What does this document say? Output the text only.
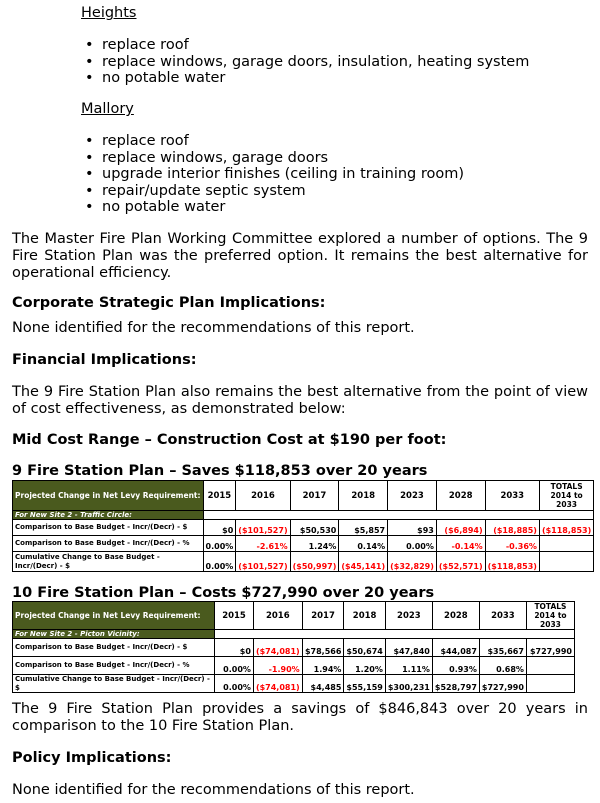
Heights

• replace roof
• replace windows, garage doors, insulation, heating system
• no potable water

Mallory

• replace roof
• replace windows, garage doors
• upgrade interior finishes (ceiling in training room)
• repair/update septic system
• no potable water

The Master Fire Plan Working Committee explored a number of options. The 9 Fire Station Plan was the preferred option. It remains the best alternative for operational efficiency.

Corporate Strategic Plan Implications:

None identified for the recommendations of this report.

Financial Implications:

The 9 Fire Station Plan also remains the best alternative from the point of view of cost effectiveness, as demonstrated below:

Mid Cost Range – Construction Cost at $190 per foot:

9 Fire Station Plan – Saves $118,853 over 20 years

Projected Change in Net Levy Requirement:	2015	2016	2017	2018	2023	2028	2033	TOTALS 2014 to 2033
For New Site 2 - Traffic Circle:								
Comparison to Base Budget - Incr/(Decr) - $	$0	($101,527)	$50,530	$5,857	$93	($6,894)	($18,885)	($118,853)
Comparison to Base Budget - Incr/(Decr) - %	0.00%	-2.61%	1.24%	0.14%	0.00%	-0.14%	-0.36%	
Cumulative Change to Base Budget - Incr/(Decr) - $	0.00%	($101,527)	($50,997)	($45,141)	($32,829)	($52,571)	($118,853)	

10 Fire Station Plan – Costs $727,990 over 20 years

Projected Change in Net Levy Requirement:	2015	2016	2017	2018	2023	2028	2033	TOTALS 2014 to 2033
For New Site 2 - Picton Vicinity:								
Comparison to Base Budget - Incr/(Decr) - $	$0	($74,081)	$78,566	$50,674	$47,840	$44,087	$35,667	$727,990
Comparison to Base Budget - Incr/(Decr) - %	0.00%	-1.90%	1.94%	1.20%	1.11%	0.93%	0.68%	
Cumulative Change to Base Budget - Incr/(Decr) - $	0.00%	($74,081)	$4,485	$55,159	$300,231	$528,797	$727,990	

The 9 Fire Station Plan provides a savings of $846,843 over 20 years in comparison to the 10 Fire Station Plan.

Policy Implications:

None identified for the recommendations of this report.
